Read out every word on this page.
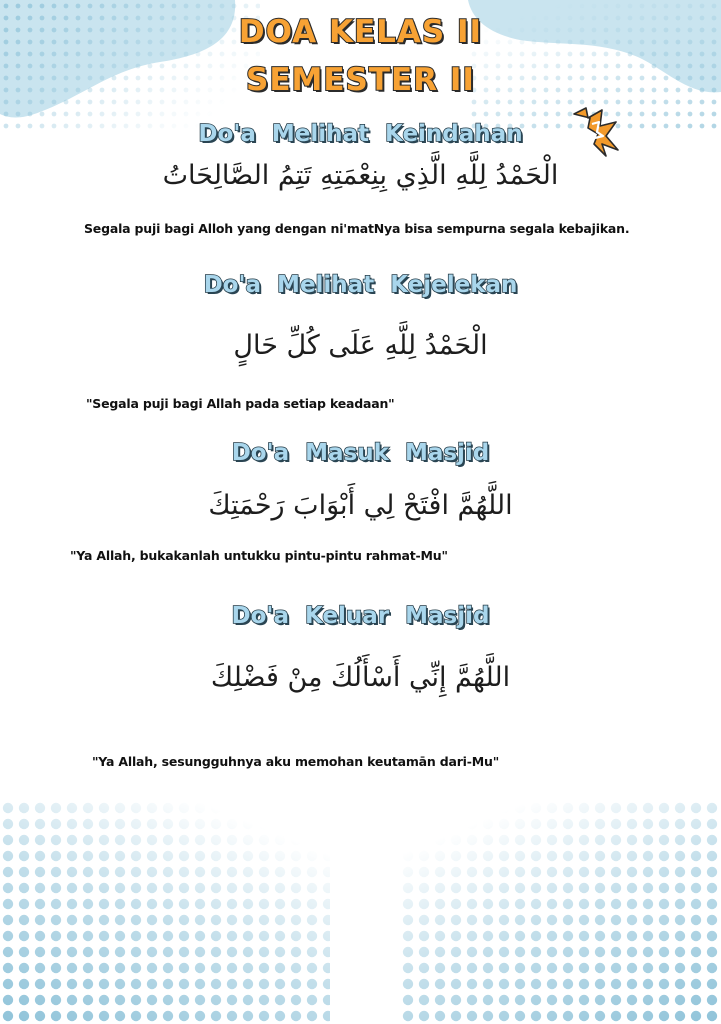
DOA KELAS II
SEMESTER II
Do'a Melihat Keindahan
الْحَمْدُ لِلَّهِ الَّذِي بِنِعْمَتِهِ تَتِمُ الصَّالِحَاتُ
Segala puji bagi Alloh yang dengan ni'matNya bisa sempurna segala kebajikan.
Do'a Melihat Kejelekan
الْحَمْدُ لِلَّهِ عَلَى كُلِّ حَالٍ
"Segala puji bagi Allah pada setiap keadaan"
Do'a Masuk Masjid
اللَّهُمَّ افْتَحْ لِي أَبْوَابَ رَحْمَتِكَ
"Ya Allah, bukakanlah untukku pintu-pintu rahmat-Mu"
Do'a Keluar Masjid
اللَّهُمَّ إِنِّي أَسْأَلُكَ مِنْ فَضْلِكَ
"Ya Allah, sesungguhnya aku memohan keutamān dari-Mu"
